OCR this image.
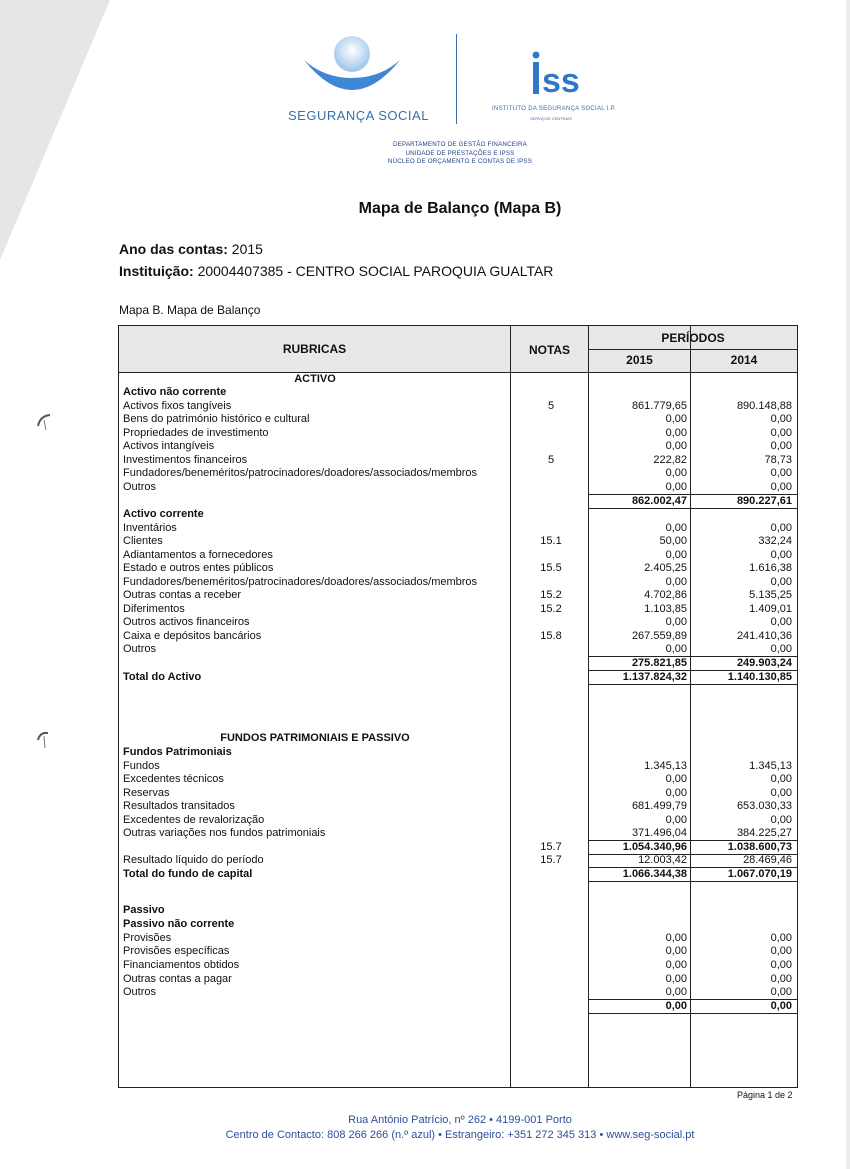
SEGURANÇA SOCIAL
ss
INSTITUTO DA SEGURANÇA SOCIAL I.P.
SERVIÇOS CENTRAIS
DEPARTAMENTO DE GESTÃO FINANCEIRA
UNIDADE DE PRESTAÇÕES E IPSS
NÚCLEO DE ORÇAMENTO E CONTAS DE IPSS
Mapa de Balanço (Mapa B)
Ano das contas: 2015
Instituição: 20004407385 - CENTRO SOCIAL PAROQUIA GUALTAR
Mapa B. Mapa de Balanço
RUBRICAS	NOTAS
PERÍODOS
2015	2014
ACTIVO
Activo não corrente
Activos fixos tangíveis	5	861.779,65	890.148,88
Bens do património histórico e cultural	0,00	0,00
Propriedades de investimento	0,00	0,00
Activos intangíveis	0,00	0,00
Investimentos financeiros	5	222,82	78,73
Fundadores/beneméritos/patrocinadores/doadores/associados/membros	0,00	0,00
Outros	0,00	0,00
862.002,47	890.227,61
Activo corrente
Inventários	0,00	0,00
Clientes	15.1	50,00	332,24
Adiantamentos a fornecedores	0,00	0,00
Estado e outros entes públicos	15.5	2.405,25	1.616,38
Fundadores/beneméritos/patrocinadores/doadores/associados/membros	0,00	0,00
Outras contas a receber	15.2	4.702,86	5.135,25
Diferimentos	15.2	1.103,85	1.409,01
Outros activos financeiros	0,00	0,00
Caixa e depósitos bancários	15.8	267.559,89	241.410,36
Outros	0,00	0,00
275.821,85	249.903,24
Total do Activo	1.137.824,32	1.140.130,85
FUNDOS PATRIMONIAIS E PASSIVO
Fundos Patrimoniais
Fundos	1.345,13	1.345,13
Excedentes técnicos	0,00	0,00
Reservas	0,00	0,00
Resultados transitados	681.499,79	653.030,33
Excedentes de revalorização	0,00	0,00
Outras variações nos fundos patrimoniais	371.496,04	384.225,27
15.7	1.054.340,96	1.038.600,73
Resultado líquido do período	15.7	12.003,42	28.469,46
Total do fundo de capital	1.066.344,38	1.067.070,19
Passivo
Passivo não corrente
Provisões	0,00	0,00
Provisões específicas	0,00	0,00
Financiamentos obtidos	0,00	0,00
Outras contas a pagar	0,00	0,00
Outros	0,00	0,00
0,00	0,00
Página 1 de 2
Rua António Patrício, nº 262 • 4199-001 Porto
Centro de Contacto: 808 266 266 (n.º azul) • Estrangeiro: +351 272 345 313 • www.seg-social.pt
